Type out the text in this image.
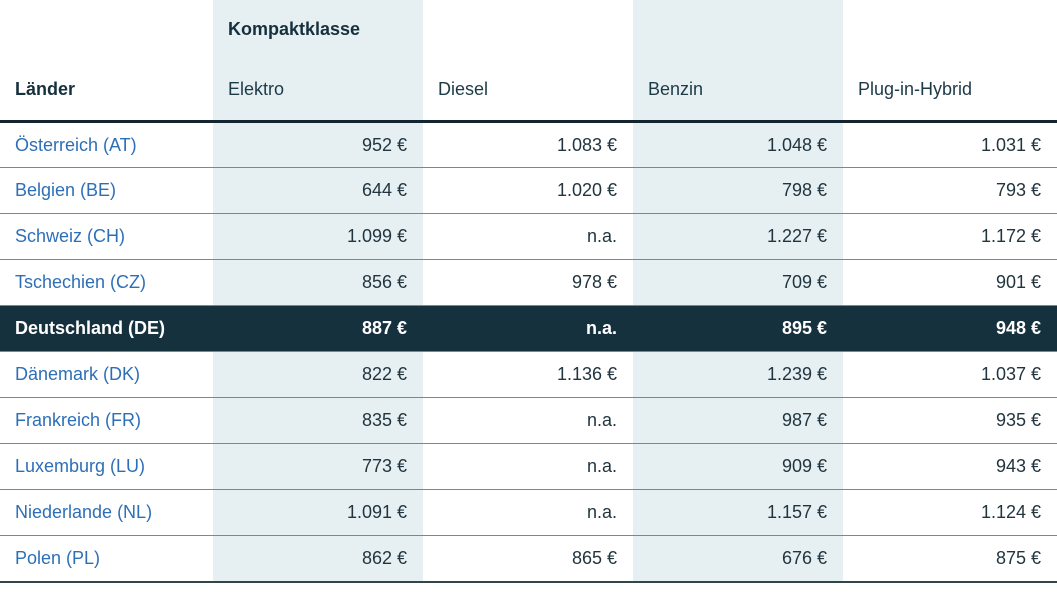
	Kompaktklasse			
Länder	Elektro	Diesel	Benzin	Plug-in-Hybrid
Österreich (AT)	952 €	1.083 €	1.048 €	1.031 €
Belgien (BE)	644 €	1.020 €	798 €	793 €
Schweiz (CH)	1.099 €	n.a.	1.227 €	1.172 €
Tschechien (CZ)	856 €	978 €	709 €	901 €
Deutschland (DE)	887 €	n.a.	895 €	948 €
Dänemark (DK)	822 €	1.136 €	1.239 €	1.037 €
Frankreich (FR)	835 €	n.a.	987 €	935 €
Luxemburg (LU)	773 €	n.a.	909 €	943 €
Niederlande (NL)	1.091 €	n.a.	1.157 €	1.124 €
Polen (PL)	862 €	865 €	676 €	875 €
